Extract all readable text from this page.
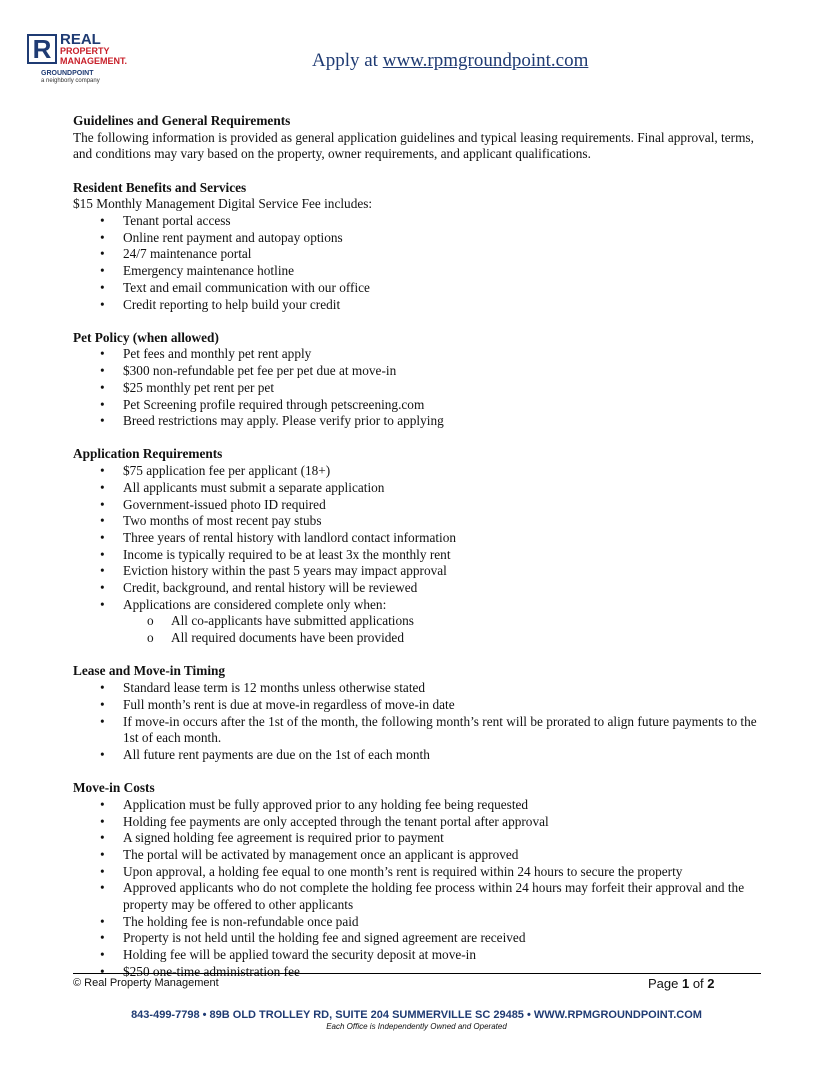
R REAL
PROPERTY
MANAGEMENT.
GROUNDPOINT
a neighborly company
Apply at www.rpmgroundpoint.com
Guidelines and General Requirements
The following information is provided as general application guidelines and typical leasing requirements. Final approval, terms, and conditions may vary based on the property, owner requirements, and applicant qualifications.
Resident Benefits and Services
$15 Monthly Management Digital Service Fee includes:
• Tenant portal access
• Online rent payment and autopay options
• 24/7 maintenance portal
• Emergency maintenance hotline
• Text and email communication with our office
• Credit reporting to help build your credit
Pet Policy (when allowed)
• Pet fees and monthly pet rent apply
• $300 non-refundable pet fee per pet due at move-in
• $25 monthly pet rent per pet
• Pet Screening profile required through petscreening.com
• Breed restrictions may apply. Please verify prior to applying
Application Requirements
• $75 application fee per applicant (18+)
• All applicants must submit a separate application
• Government-issued photo ID required
• Two months of most recent pay stubs
• Three years of rental history with landlord contact information
• Income is typically required to be at least 3x the monthly rent
• Eviction history within the past 5 years may impact approval
• Credit, background, and rental history will be reviewed
• Applications are considered complete only when:
o All co-applicants have submitted applications
o All required documents have been provided
Lease and Move-in Timing
• Standard lease term is 12 months unless otherwise stated
• Full month’s rent is due at move-in regardless of move-in date
• If move-in occurs after the 1st of the month, the following month’s rent will be prorated to align future payments to the 1st of each month.
• All future rent payments are due on the 1st of each month
Move-in Costs
• Application must be fully approved prior to any holding fee being requested
• Holding fee payments are only accepted through the tenant portal after approval
• A signed holding fee agreement is required prior to payment
• The portal will be activated by management once an applicant is approved
• Upon approval, a holding fee equal to one month’s rent is required within 24 hours to secure the property
• Approved applicants who do not complete the holding fee process within 24 hours may forfeit their approval and the property may be offered to other applicants
• The holding fee is non-refundable once paid
• Property is not held until the holding fee and signed agreement are received
• Holding fee will be applied toward the security deposit at move-in
• $250 one-time administration fee
© Real Property Management	Page 1 of 2
843-499-7798 • 89B OLD TROLLEY RD, SUITE 204 SUMMERVILLE SC 29485 • WWW.RPMGROUNDPOINT.COM
Each Office is Independently Owned and Operated
